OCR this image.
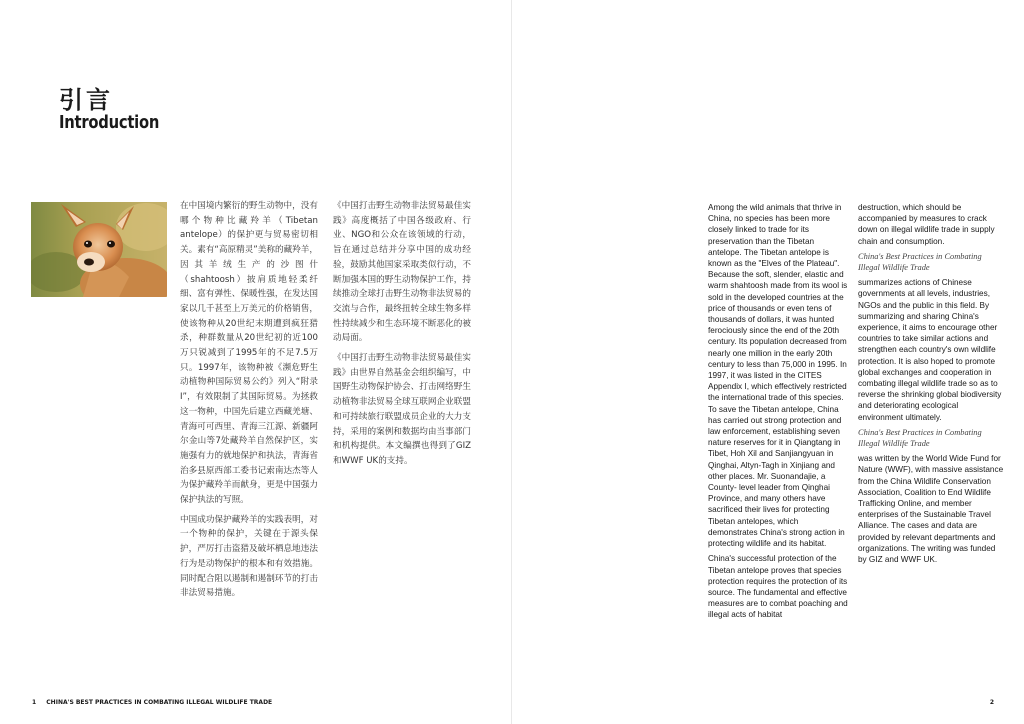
引言
Introduction

在中国境内繁衍的野生动物中，没有哪个物种比藏羚羊（Tibetan antelope）的保护更与贸易密切相关。素有“高原精灵”美称的藏羚羊，因其羊绒生产的沙图什（shahtoosh）披肩质地轻柔纤细、富有弹性、保暖性强，在发达国家以几千甚至上万美元的价格销售，使该物种从20世纪末期遭到疯狂猎杀，种群数量从20世纪初的近100万只锐减到了1995年的不足7.5万只。1997年，该物种被《濒危野生动植物种国际贸易公约》列入“附录I”，有效限制了其国际贸易。为拯救这一物种，中国先后建立西藏羌塘、青海可可西里、青海三江源、新疆阿尔金山等7处藏羚羊自然保护区，实施强有力的就地保护和执法，青海省治多县原西部工委书记索南达杰等人为保护藏羚羊而献身，更是中国强力保护执法的写照。

中国成功保护藏羚羊的实践表明，对一个物种的保护，关键在于源头保护，严厉打击盗猎及破坏栖息地违法行为是动物保护的根本和有效措施。同时配合阻以遏制和遏制环节的打击非法贸易措施。

《中国打击野生动物非法贸易最佳实践》高度概括了中国各级政府、行业、NGO和公众在该领域的行动，旨在通过总结并分享中国的成功经验，鼓励其他国家采取类似行动，不断加强本国的野生动物保护工作，持续推动全球打击野生动物非法贸易的交流与合作，最终扭转全球生物多样性持续减少和生态环境不断恶化的被动局面。

《中国打击野生动物非法贸易最佳实践》由世界自然基金会组织编写，中国野生动物保护协会、打击网络野生动植物非法贸易全球互联网企业联盟和可持续旅行联盟成员企业的大力支持，采用的案例和数据均由当事部门和机构提供。本文编撰也得到了GIZ和WWF UK的支持。

1 CHINA'S BEST PRACTICES IN COMBATING ILLEGAL WILDLIFE TRADE

Among the wild animals that thrive in China, no species has been more closely linked to trade for its preservation than the Tibetan antelope. The Tibetan antelope is known as the "Elves of the Plateau". Because the soft, slender, elastic and warm shahtoosh made from its wool is sold in the developed countries at the price of thousands or even tens of thousands of dollars, it was hunted ferociously since the end of the 20th century. Its population decreased from nearly one million in the early 20th century to less than 75,000 in 1995. In 1997, it was listed in the CITES Appendix I, which effectively restricted the international trade of this species. To save the Tibetan antelope, China has carried out strong protection and law enforcement, establishing seven nature reserves for it in Qiangtang in Tibet, Hoh Xil and Sanjiangyuan in Qinghai, Altyn-Tagh in Xinjiang and other places. Mr. Suonandajie, a County- level leader from Qinghai Province, and many others have sacrificed their lives for protecting Tibetan antelopes, which demonstrates China's strong action in protecting wildlife and its habitat.

China's successful protection of the Tibetan antelope proves that species protection requires the protection of its source. The fundamental and effective measures are to combat poaching and illegal acts of habitat

destruction, which should be accompanied by measures to crack down on illegal wildlife trade in supply chain and consumption.

China's Best Practices in Combating Illegal Wildlife Trade

summarizes actions of Chinese governments at all levels, industries, NGOs and the public in this field. By summarizing and sharing China's experience, it aims to encourage other countries to take similar actions and strengthen each country's own wildlife protection. It is also hoped to promote global exchanges and cooperation in combating illegal wildlife trade so as to reverse the shrinking global biodiversity and deteriorating ecological environment ultimately.

China's Best Practices in Combating Illegal Wildlife Trade

was written by the World Wide Fund for Nature (WWF), with massive assistance from the China Wildlife Conservation Association, Coalition to End Wildlife Trafficking Online, and member enterprises of the Sustainable Travel Alliance. The cases and data are provided by relevant departments and organizations. The writing was funded by GIZ and WWF UK.

2
